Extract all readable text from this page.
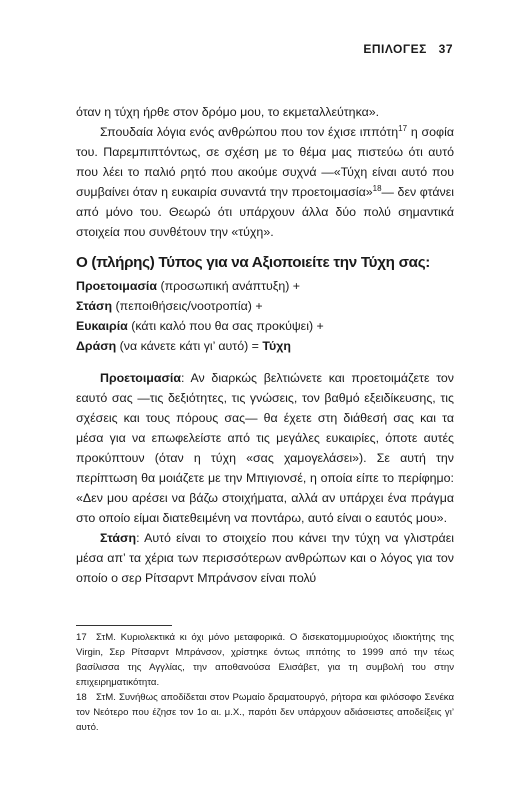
ΕΠΙΛΟΓΕΣ 37

όταν η τύχη ήρθε στον δρόμο μου, το εκμεταλλεύτηκα».

Σπουδαία λόγια ενός ανθρώπου που τον έχισε ιππότη$^{17}$ η σοφία του. Παρεμπιπτόντως, σε σχέση με το θέμα μας πιστεύω ότι αυτό που λέει το παλιό ρητό που ακούμε συχνά —«Τύχη είναι αυτό που συμβαίνει όταν η ευκαιρία συναντά την προετοιμασία»$^{18}$— δεν φτάνει από μόνο του. Θεωρώ ότι υπάρχουν άλλα δύο πολύ σημαντικά στοιχεία που συνθέτουν την «τύχη».

Ο (πλήρης) Τύπος για να Αξιοποιείτε την Τύχη σας:

Προετοιμασία (προσωπική ανάπτυξη) +
Στάση (πεποιθήσεις/νοοτροπία) +
Ευκαιρία (κάτι καλό που θα σας προκύψει) +
Δράση (να κάνετε κάτι γι’ αυτό) = Τύχη

Προετοιμασία: Αν διαρκώς βελτιώνετε και προετοιμάζετε τον εαυτό σας —τις δεξιότητες, τις γνώσεις, τον βαθμό εξειδίκευσης, τις σχέσεις και τους πόρους σας— θα έχετε στη διάθεσή σας και τα μέσα για να επωφελείστε από τις μεγάλες ευκαιρίες, όποτε αυτές προκύπτουν (όταν η τύχη «σας χαμογελάσει»). Σε αυτή την περίπτωση θα μοιάζετε με την Μπιγιονσέ, η οποία είπε το περίφημο: «Δεν μου αρέσει να βάζω στοιχήματα, αλλά αν υπάρχει ένα πράγμα στο οποίο είμαι διατεθειμένη να ποντάρω, αυτό είναι ο εαυτός μου».

Στάση: Αυτό είναι το στοιχείο που κάνει την τύχη να γλιστράει μέσα απ’ τα χέρια των περισσότερων ανθρώπων και ο λόγος για τον οποίο ο σερ Ρίτσαρντ Μπράνσον είναι πολύ

17 ΣτΜ. Κυριολεκτικά κι όχι μόνο μεταφορικά. Ο δισεκατομμυριούχος ιδιοκτήτης της Virgin, Σερ Ρίτσαρντ Μπράνσον, χρίστηκε όντως ιππότης το 1999 από την τέως βασίλισσα της Αγγλίας, την αποθανούσα Ελισάβετ, για τη συμβολή του στην επιχειρηματικότητα.

18 ΣτΜ. Συνήθως αποδίδεται στον Ρωμαίο δραματουργό, ρήτορα και φιλόσοφο Σενέκα τον Νεότερο που έζησε τον 1ο αι. μ.Χ., παρότι δεν υπάρχουν αδιάσειστες αποδείξεις γι’ αυτό.
